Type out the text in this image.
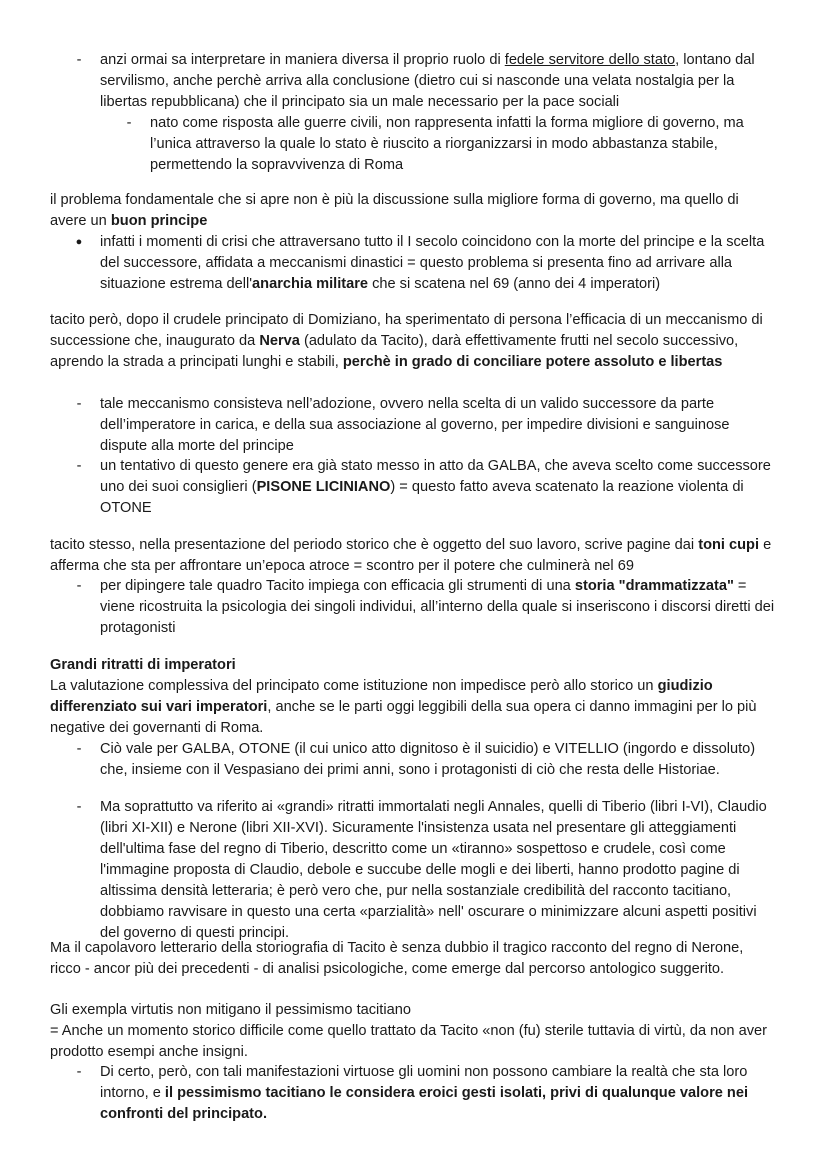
-	anzi ormai sa interpretare in maniera diversa il proprio ruolo di fedele servitore dello stato, lontano dal servilismo, anche perchè arriva alla conclusione (dietro cui si nasconde una velata nostalgia per la libertas repubblicana) che il principato sia un male necessario per la pace sociali

-	nato come risposta alle guerre civili, non rappresenta infatti la forma migliore di governo, ma l’unica attraverso la quale lo stato è riuscito a riorganizzarsi in modo abbastanza stabile, permettendo la sopravvivenza di Roma

il problema fondamentale che si apre non è più la discussione sulla migliore forma di governo, ma quello di avere un buon principe

● infatti i momenti di crisi che attraversano tutto il I secolo coincidono con la morte del principe e la scelta del successore, affidata a meccanismi dinastici = questo problema si presenta fino ad arrivare alla situazione estrema dell'anarchia militare che si scatena nel 69 (anno dei 4 imperatori)

tacito però, dopo il crudele principato di Domiziano, ha sperimentato di persona l’efficacia di un meccanismo di successione che, inaugurato da Nerva (adulato da Tacito), darà effettivamente frutti nel secolo successivo, aprendo la strada a principati lunghi e stabili, perchè in grado di conciliare potere assoluto e libertas

-	tale meccanismo consisteva nell’adozione, ovvero nella scelta di un valido successore da parte dell’imperatore in carica, e della sua associazione al governo, per impedire divisioni e sanguinose dispute alla morte del principe

-	un tentativo di questo genere era già stato messo in atto da GALBA, che aveva scelto come successore uno dei suoi consiglieri (PISONE LICINIANO) = questo fatto aveva scatenato la reazione violenta di OTONE

tacito stesso, nella presentazione del periodo storico che è oggetto del suo lavoro, scrive pagine dai toni cupi e afferma che sta per affrontare un’epoca atroce = scontro per il potere che culminerà nel 69

-	per dipingere tale quadro Tacito impiega con efficacia gli strumenti di una storia "drammatizzata" = viene ricostruita la psicologia dei singoli individui, all’interno della quale si inseriscono i discorsi diretti dei protagonisti

Grandi ritratti di imperatori

La valutazione complessiva del principato come istituzione non impedisce però allo storico un giudizio differenziato sui vari imperatori, anche se le parti oggi leggibili della sua opera ci danno immagini per lo più negative dei governanti di Roma.

-	Ciò vale per GALBA, OTONE (il cui unico atto dignitoso è il suicidio) e VITELLIO (ingordo e dissoluto) che, insieme con il Vespasiano dei primi anni, sono i protagonisti di ciò che resta delle Historiae.

-	Ma soprattutto va riferito ai «grandi» ritratti immortalati negli Annales, quelli di Tiberio (libri I-VI), Claudio (libri XI-XII) e Nerone (libri XII-XVI). Sicuramente l'insistenza usata nel presentare gli atteggiamenti dell'ultima fase del regno di Tiberio, descritto come un «tiranno» sospettoso e crudele, così come l'immagine proposta di Claudio, debole e succube delle mogli e dei liberti, hanno prodotto pagine di altissima densità letteraria; è però vero che, pur nella sostanziale credibilità del racconto tacitiano, dobbiamo ravvisare in questo una certa «parzialità» nell' oscurare o minimizzare alcuni aspetti positivi del governo di questi principi.

Ma il capolavoro letterario della storiografia di Tacito è senza dubbio il tragico racconto del regno di Nerone, ricco - ancor più dei precedenti - di analisi psicologiche, come emerge dal percorso antologico suggerito.

Gli exempla virtutis non mitigano il pessimismo tacitiano

= Anche un momento storico difficile come quello trattato da Tacito «non (fu) sterile tuttavia di virtù, da non aver prodotto esempi anche insigni.

-	Di certo, però, con tali manifestazioni virtuose gli uomini non possono cambiare la realtà che sta loro intorno, e il pessimismo tacitiano le considera eroici gesti isolati, privi di qualunque valore nei confronti del principato.
